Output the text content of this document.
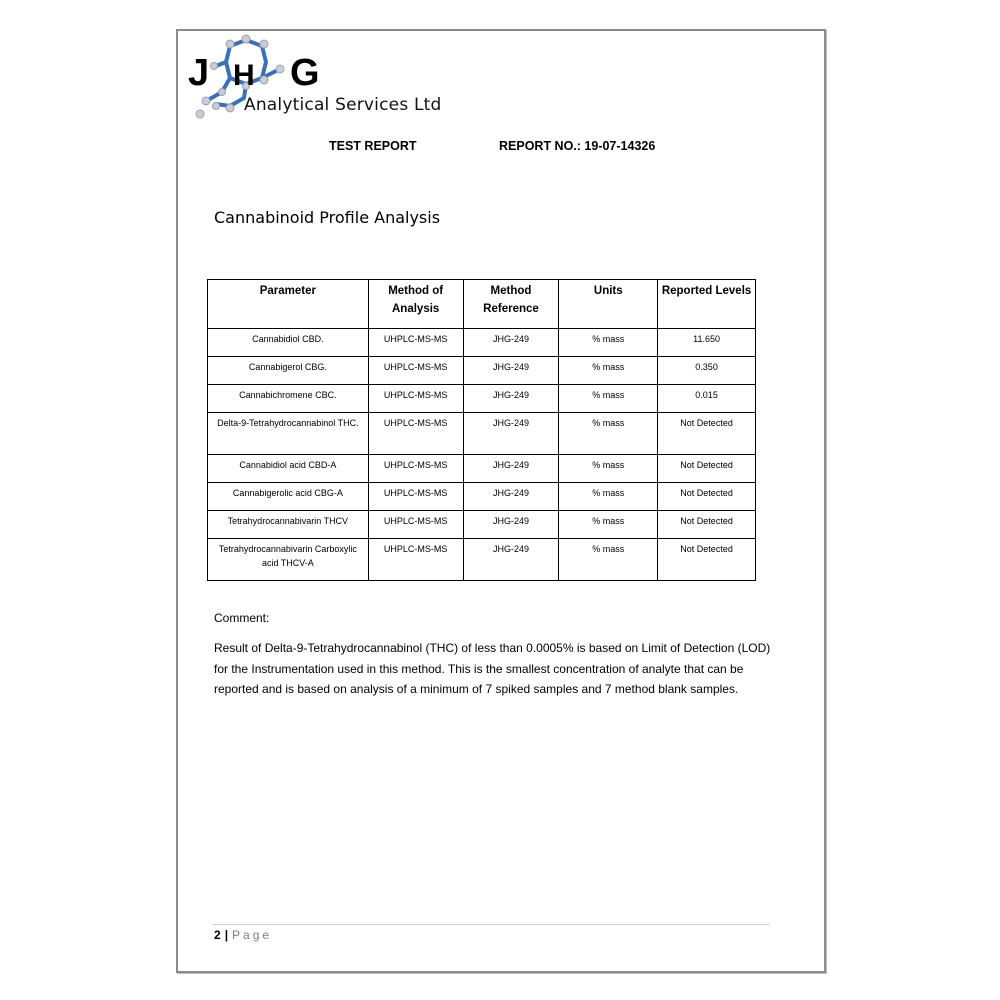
J H G
Analytical Services Ltd
TEST REPORT	REPORT NO.: 19-07-14326
Cannabinoid Profile Analysis
Parameter	Method of Analysis	Method Reference	Units	Reported Levels
Cannabidiol CBD.	UHPLC-MS-MS	JHG-249	% mass	11.650
Cannabigerol CBG.	UHPLC-MS-MS	JHG-249	% mass	0.350
Cannabichromene CBC.	UHPLC-MS-MS	JHG-249	% mass	0.015
Delta-9-Tetrahydrocannabinol THC.	UHPLC-MS-MS	JHG-249	% mass	Not Detected
Cannabidiol acid CBD-A	UHPLC-MS-MS	JHG-249	% mass	Not Detected
Cannabigerolic acid CBG-A	UHPLC-MS-MS	JHG-249	% mass	Not Detected
Tetrahydrocannabivarin THCV	UHPLC-MS-MS	JHG-249	% mass	Not Detected
Tetrahydrocannabivarin Carboxylic acid THCV-A	UHPLC-MS-MS	JHG-249	% mass	Not Detected
Comment:
Result of Delta-9-Tetrahydrocannabinol (THC) of less than 0.0005% is based on Limit of Detection (LOD) for the Instrumentation used in this method. This is the smallest concentration of analyte that can be reported and is based on analysis of a minimum of 7 spiked samples and 7 method blank samples.
2 | Page
